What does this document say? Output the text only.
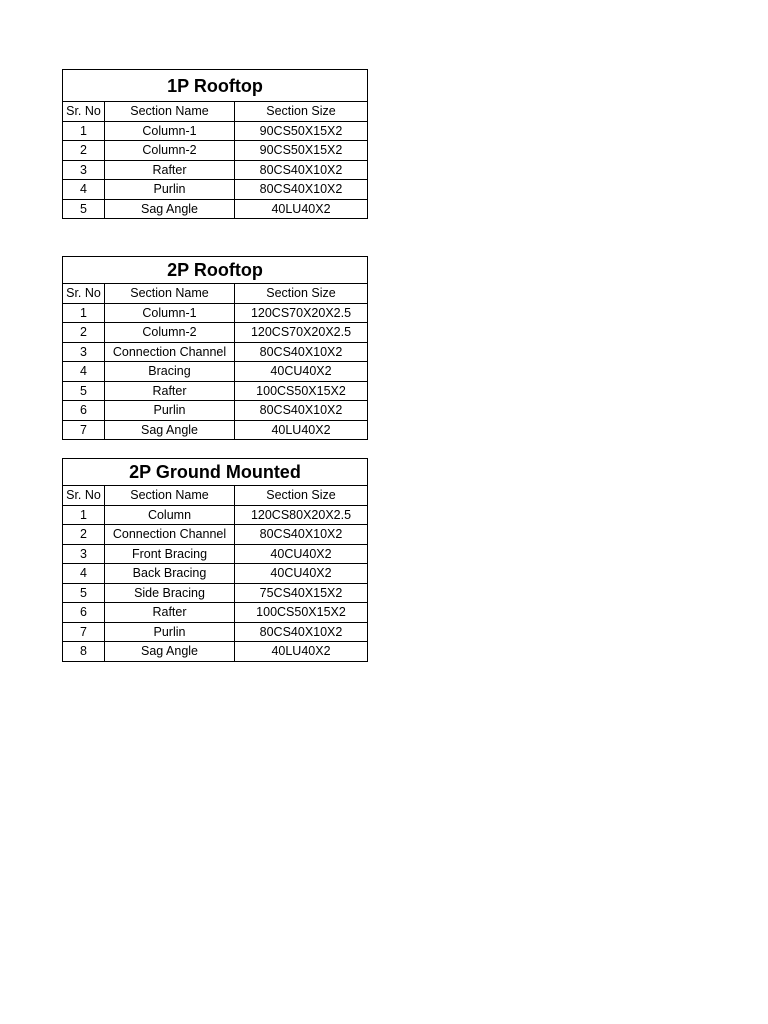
1P Rooftop		
Sr. No	Section Name	Section Size
1	Column-1	90CS50X15X2
2	Column-2	90CS50X15X2
3	Rafter	80CS40X10X2
4	Purlin	80CS40X10X2
5	Sag Angle	40LU40X2
2P Rooftop		
Sr. No	Section Name	Section Size
1	Column-1	120CS70X20X2.5
2	Column-2	120CS70X20X2.5
3	Connection Channel	80CS40X10X2
4	Bracing	40CU40X2
5	Rafter	100CS50X15X2
6	Purlin	80CS40X10X2
7	Sag Angle	40LU40X2
2P Ground Mounted		
Sr. No	Section Name	Section Size
1	Column	120CS80X20X2.5
2	Connection Channel	80CS40X10X2
3	Front Bracing	40CU40X2
4	Back Bracing	40CU40X2
5	Side Bracing	75CS40X15X2
6	Rafter	100CS50X15X2
7	Purlin	80CS40X10X2
8	Sag Angle	40LU40X2
